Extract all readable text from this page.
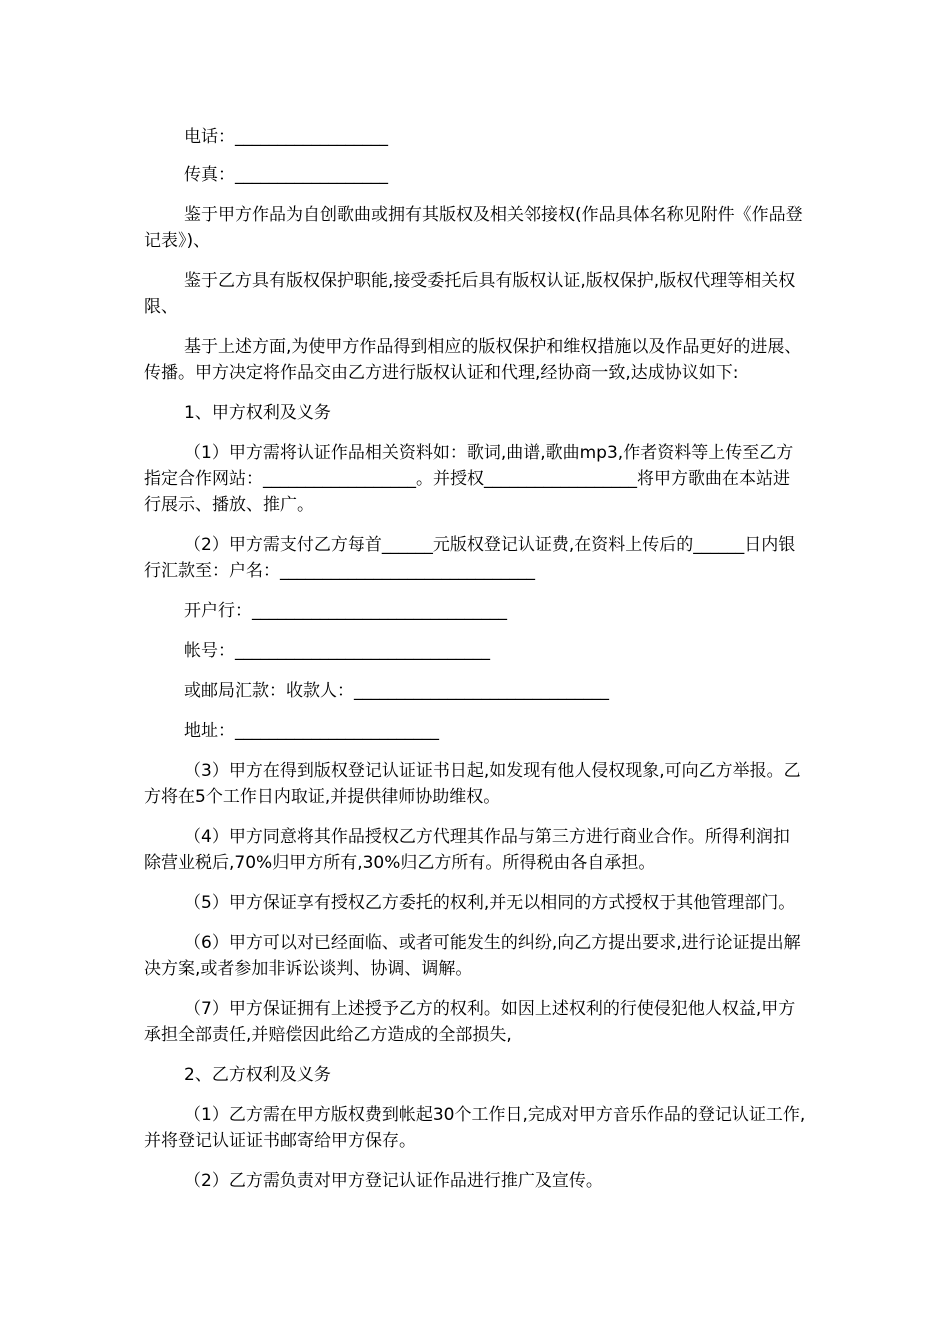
电话：__________________

传真：__________________

鉴于甲方作品为自创歌曲或拥有其版权及相关邻接权(作品具体名称见附件《作品登记表》)、

鉴于乙方具有版权保护职能,接受委托后具有版权认证,版权保护,版权代理等相关权限、

基于上述方面,为使甲方作品得到相应的版权保护和维权措施以及作品更好的进展、传播。甲方决定将作品交由乙方进行版权认证和代理,经协商一致,达成协议如下:

1、甲方权利及义务

（1）甲方需将认证作品相关资料如：歌词,曲谱,歌曲mp3,作者资料等上传至乙方指定合作网站：__________________。并授权__________________将甲方歌曲在本站进行展示、播放、推广。

（2）甲方需支付乙方每首______元版权登记认证费,在资料上传后的______日内银行汇款至：户名：______________________________

开户行：______________________________

帐号：______________________________

或邮局汇款：收款人：______________________________

地址：________________________

（3）甲方在得到版权登记认证证书日起,如发现有他人侵权现象,可向乙方举报。乙方将在5个工作日内取证,并提供律师协助维权。

（4）甲方同意将其作品授权乙方代理其作品与第三方进行商业合作。所得利润扣除营业税后,70%归甲方所有,30%归乙方所有。所得税由各自承担。

（5）甲方保证享有授权乙方委托的权利,并无以相同的方式授权于其他管理部门。

（6）甲方可以对已经面临、或者可能发生的纠纷,向乙方提出要求,进行论证提出解决方案,或者参加非诉讼谈判、协调、调解。

（7）甲方保证拥有上述授予乙方的权利。如因上述权利的行使侵犯他人权益,甲方承担全部责任,并赔偿因此给乙方造成的全部损失,

2、乙方权利及义务

（1）乙方需在甲方版权费到帐起30个工作日,完成对甲方音乐作品的登记认证工作,并将登记认证证书邮寄给甲方保存。

（2）乙方需负责对甲方登记认证作品进行推广及宣传。
